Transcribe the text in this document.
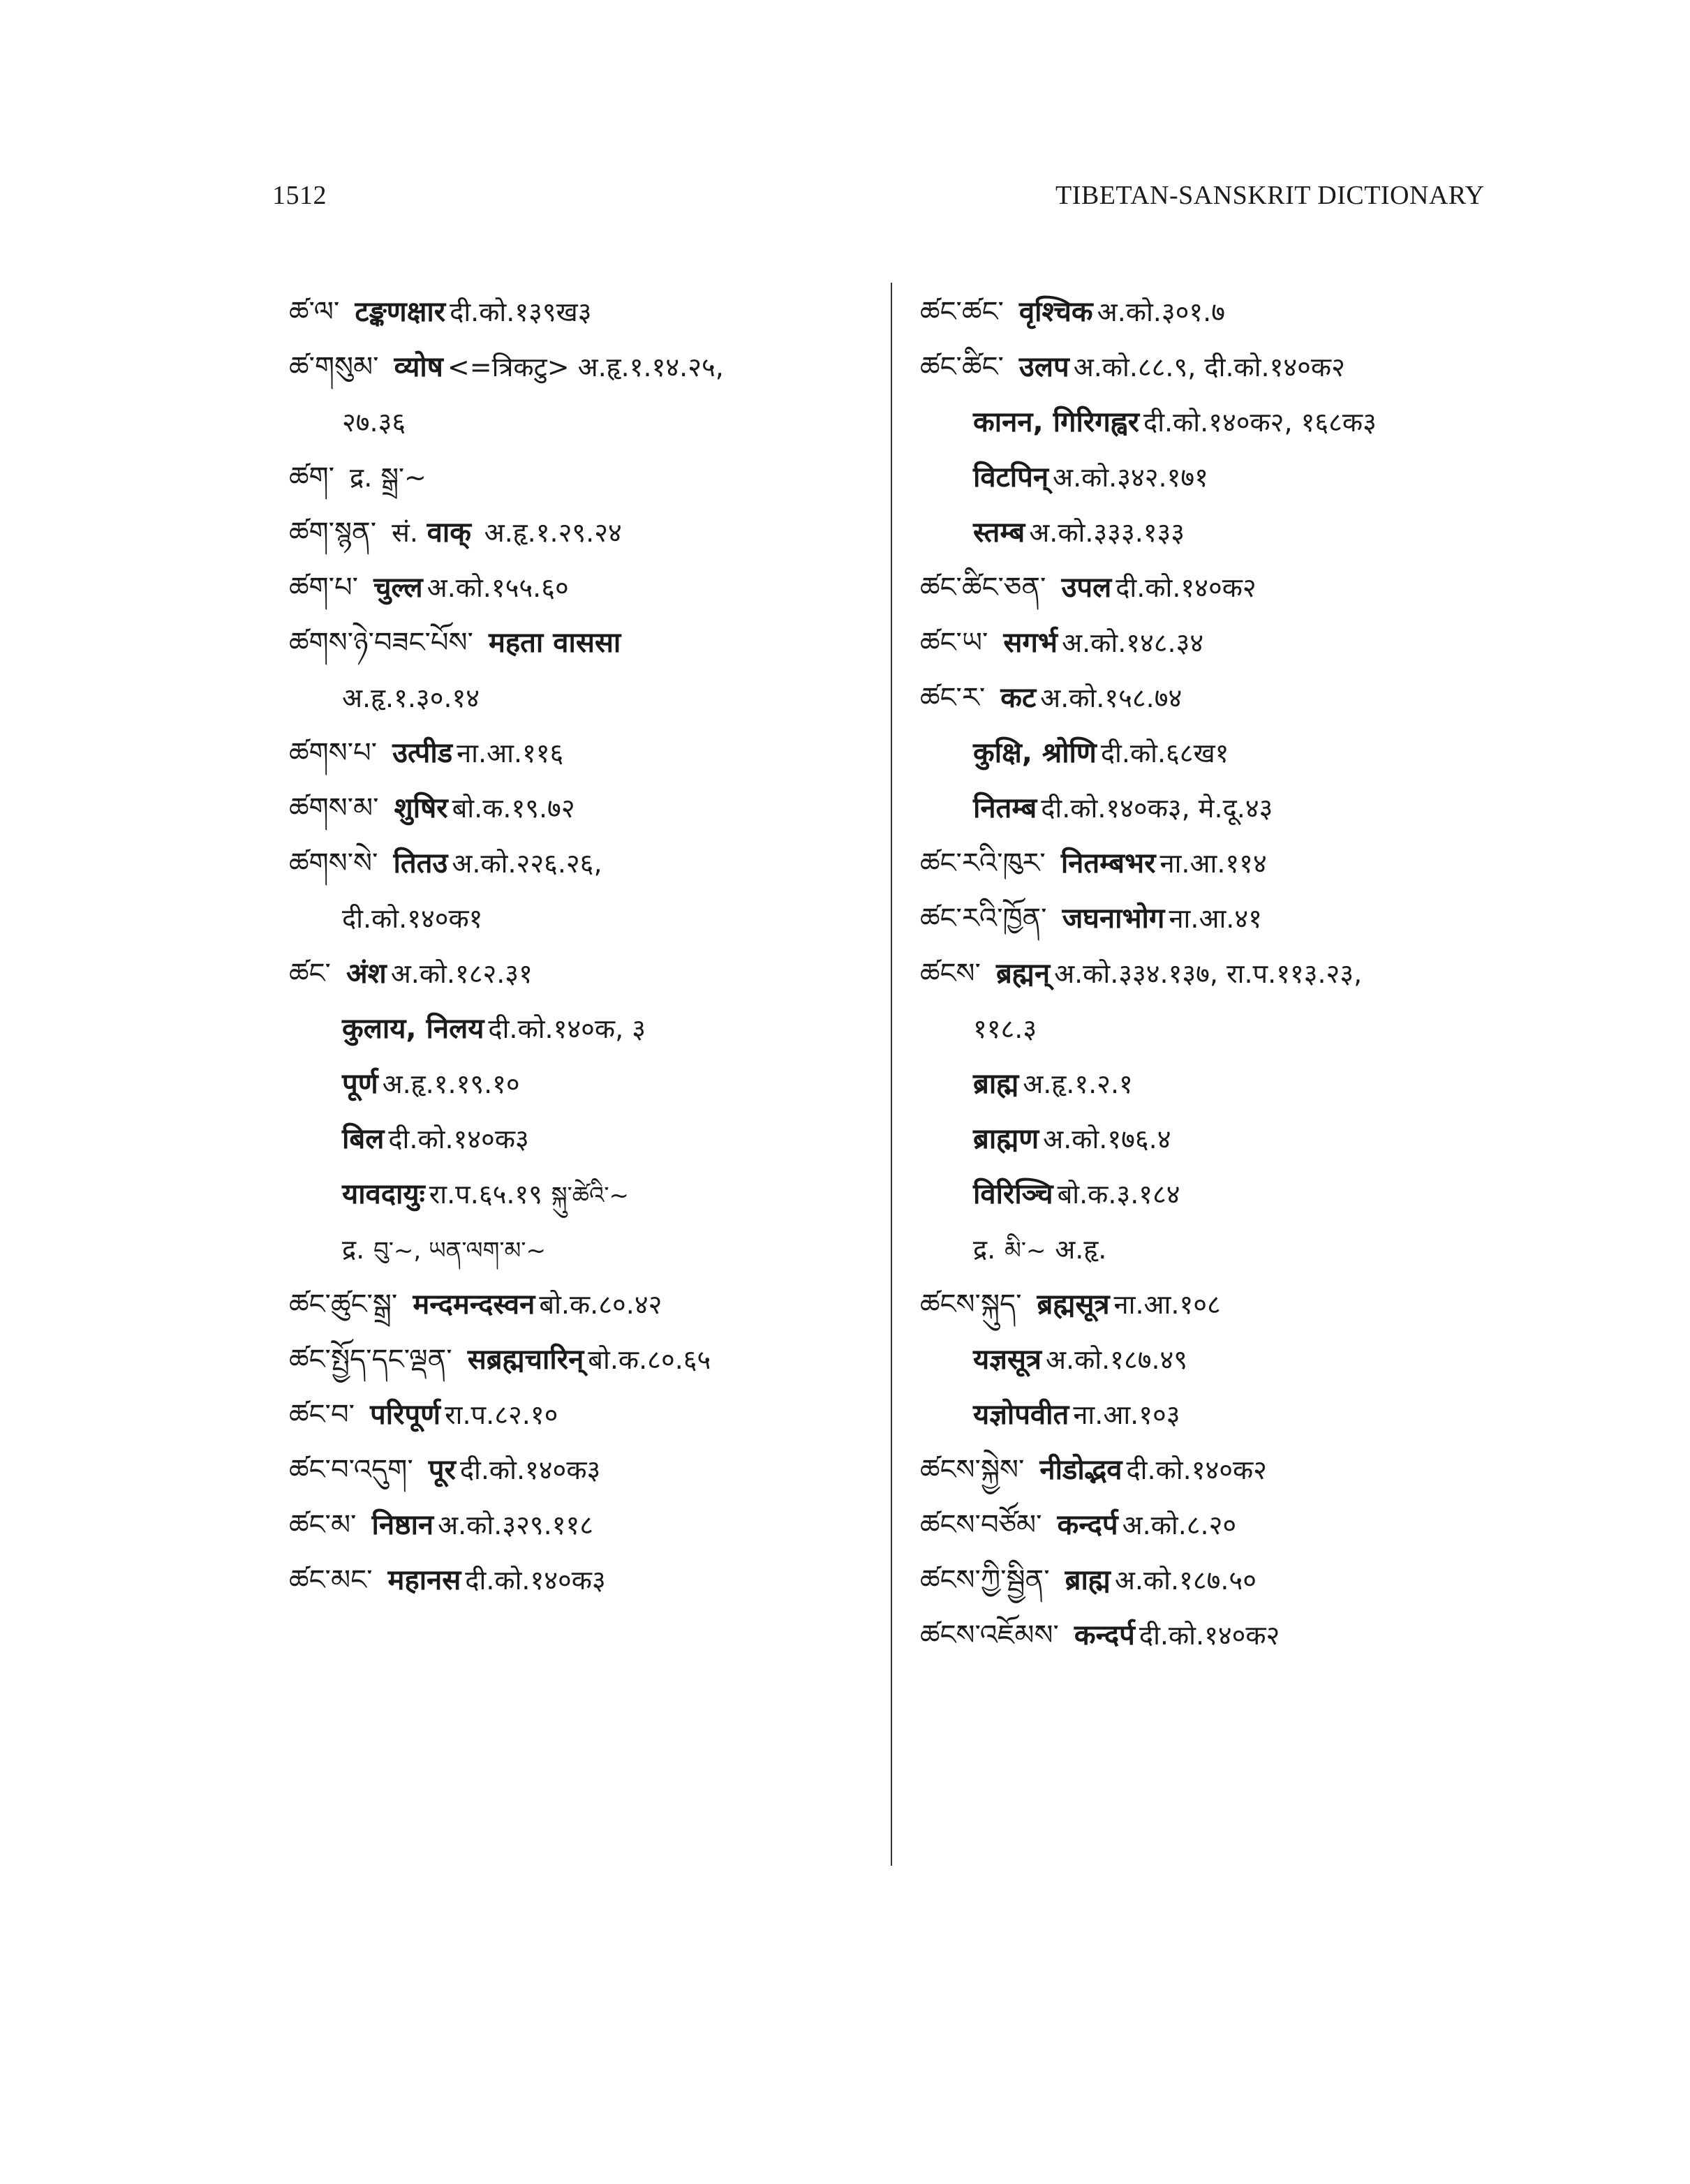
1512	TIBETAN-SANSKRIT DICTIONARY
ཚ་ལ་ टङ्कणक्षार दी.को.१३९ख३
ཚ་གསུམ་ व्योष <=त्रिकटु> अ.हृ.१.१४.२५,
२७.३६
ཚག་ द्र. སྒྲ་~
ཚག་སྙན་ सं. वाक् अ.हृ.१.२९.२४
ཚག་པ་ चुल्ल अ.को.१५५.६०
ཚགས་ཉེ་བཟང་པོས་ महता वाससा
अ.हृ.१.३०.१४
ཚགས་པ་ उत्पीड ना.आ.११६
ཚགས་མ་ शुषिर बो.क.१९.७२
ཚགས་སེ་ तितउ अ.को.२२६.२६,
दी.को.१४०क१
ཚང་ अंश अ.को.१८२.३१
कुलाय, निलय दी.को.१४०क, ३
पूर्ण अ.हृ.१.१९.१०
बिल दी.को.१४०क३
यावदायुः रा.प.६५.१९ སྐུ་ཚེའི་~
द्र. བུ་~, ཡན་ལག་མ་~
ཚང་ཚུང་སྒྲ་ मन्दमन्दस्वन बो.क.८०.४२
ཚང་སྤྱོད་དང་ལྡན་ सब्रह्मचारिन् बो.क.८०.६५
ཚང་བ་ परिपूर्ण रा.प.८२.१०
ཚང་བ་འདུག་ पूर दी.को.१४०क३
ཚང་མ་ निष्ठान अ.को.३२९.११८
ཚང་མང་ महानस दी.को.१४०क३
ཚང་ཚང་ वृश्चिक अ.को.३०१.७
ཚང་ཚིང་ उलप अ.को.८८.९, दी.को.१४०क२
कानन, गिरिगह्वर दी.को.१४०क२, १६८क३
विटपिन् अ.को.३४२.१७१
स्तम्ब अ.को.३३३.१३३
ཚང་ཚིང་ཅན་ उपल दी.को.१४०क२
ཚང་ཡ་ सगर्भ अ.को.१४८.३४
ཚང་ར་ कट अ.को.१५८.७४
कुक्षि, श्रोणि दी.को.६८ख१
नितम्ब दी.को.१४०क३, मे.दू.४३
ཚང་རའི་ཁུར་ नितम्बभर ना.आ.११४
ཚང་རའི་ཁྱོན་ जघनाभोग ना.आ.४१
ཚངས་ ब्रह्मन् अ.को.३३४.१३७, रा.प.११३.२३,
११८.३
ब्राह्म अ.हृ.१.२.१
ब्राह्मण अ.को.१७६.४
विरिञ्चि बो.क.३.१८४
द्र. མི་~ अ.हृ.
ཚངས་སྐུད་ ब्रह्मसूत्र ना.आ.१०८
यज्ञसूत्र अ.को.१८७.४९
यज्ञोपवीत ना.आ.१०३
ཚངས་སྐྱེས་ नीडोद्भव दी.को.१४०क२
ཚངས་བཙོམ་ कन्दर्प अ.को.८.२०
ཚངས་ཀྱི་སྦྱིན་ ब्राह्म अ.को.१८७.५०
ཚངས་འཇོམས་ कन्दर्प दी.को.१४०क२
